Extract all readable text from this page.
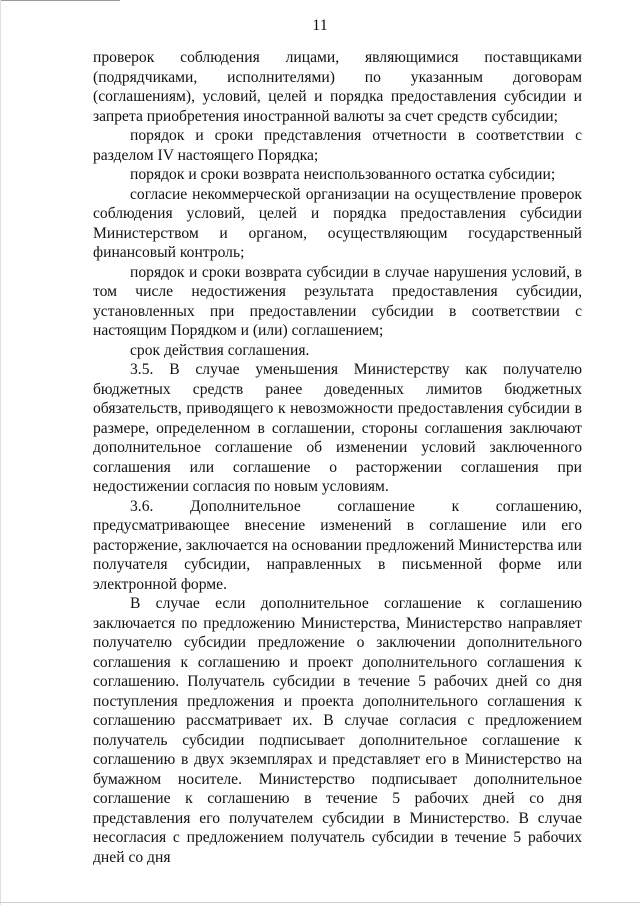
11

проверок соблюдения лицами, являющимися поставщиками (подрядчиками, исполнителями) по указанным договорам (соглашениям), условий, целей и порядка предоставления субсидии и запрета приобретения иностранной валюты за счет средств субсидии;

порядок и сроки представления отчетности в соответствии с разделом IV настоящего Порядка;

порядок и сроки возврата неиспользованного остатка субсидии;

согласие некоммерческой организации на осуществление проверок соблюдения условий, целей и порядка предоставления субсидии Министерством и органом, осуществляющим государственный финансовый контроль;

порядок и сроки возврата субсидии в случае нарушения условий, в том числе недостижения результата предоставления субсидии, установленных при предоставлении субсидии в соответствии с настоящим Порядком и (или) соглашением;

срок действия соглашения.

3.5. В случае уменьшения Министерству как получателю бюджетных средств ранее доведенных лимитов бюджетных обязательств, приводящего к невозможности предоставления субсидии в размере, определенном в соглашении, стороны соглашения заключают дополнительное соглашение об изменении условий заключенного соглашения или соглашение о расторжении соглашения при недостижении согласия по новым условиям.

3.6. Дополнительное соглашение к соглашению, предусматривающее внесение изменений в соглашение или его расторжение, заключается на основании предложений Министерства или получателя субсидии, направленных в письменной форме или электронной форме.

В случае если дополнительное соглашение к соглашению заключается по предложению Министерства, Министерство направляет получателю субсидии предложение о заключении дополнительного соглашения к соглашению и проект дополнительного соглашения к соглашению. Получатель субсидии в течение 5 рабочих дней со дня поступления предложения и проекта дополнительного соглашения к соглашению рассматривает их. В случае согласия с предложением получатель субсидии подписывает дополнительное соглашение к соглашению в двух экземплярах и представляет его в Министерство на бумажном носителе. Министерство подписывает дополнительное соглашение к соглашению в течение 5 рабочих дней со дня представления его получателем субсидии в Министерство. В случае несогласия с предложением получатель субсидии в течение 5 рабочих дней со дня
